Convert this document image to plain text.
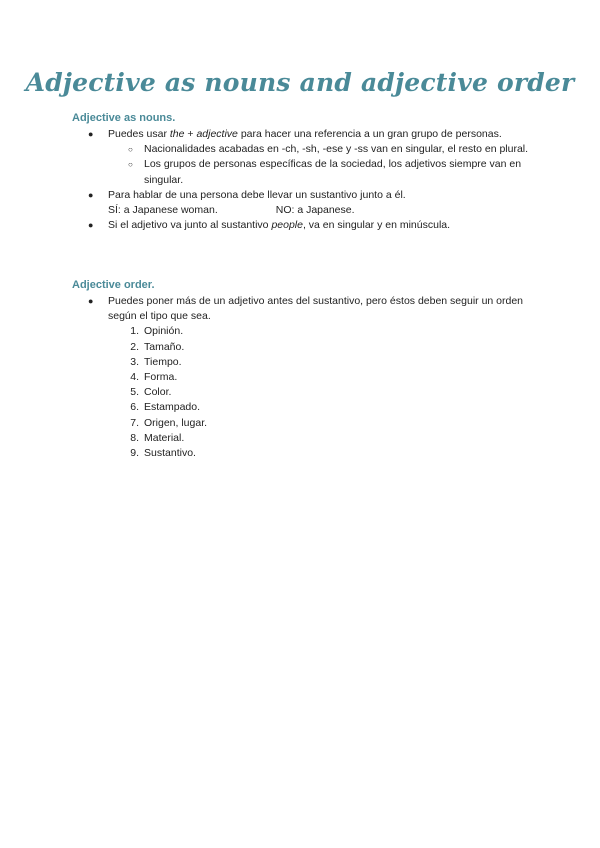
Adjective as nouns and adjective order
Adjective as nouns.
●	Puedes usar the + adjective para hacer una referencia a un gran grupo de personas.
○	Nacionalidades acabadas en -ch, -sh, -ese y -ss van en singular, el resto en plural.
○	Los grupos de personas específicas de la sociedad, los adjetivos siempre van en singular.
● Para hablar de una persona debe llevar un sustantivo junto a él.
SÍ: a Japanese woman.	NO: a Japanese.
●	Si el adjetivo va junto al sustantivo people, va en singular y en minúscula.
Adjective order.
●	Puedes poner más de un adjetivo antes del sustantivo, pero éstos deben seguir un orden según el tipo que sea.
1. Opinión.
2. Tamaño.
3. Tiempo.
4. Forma.
5. Color.
6. Estampado.
7. Origen, lugar.
8. Material.
9. Sustantivo.
